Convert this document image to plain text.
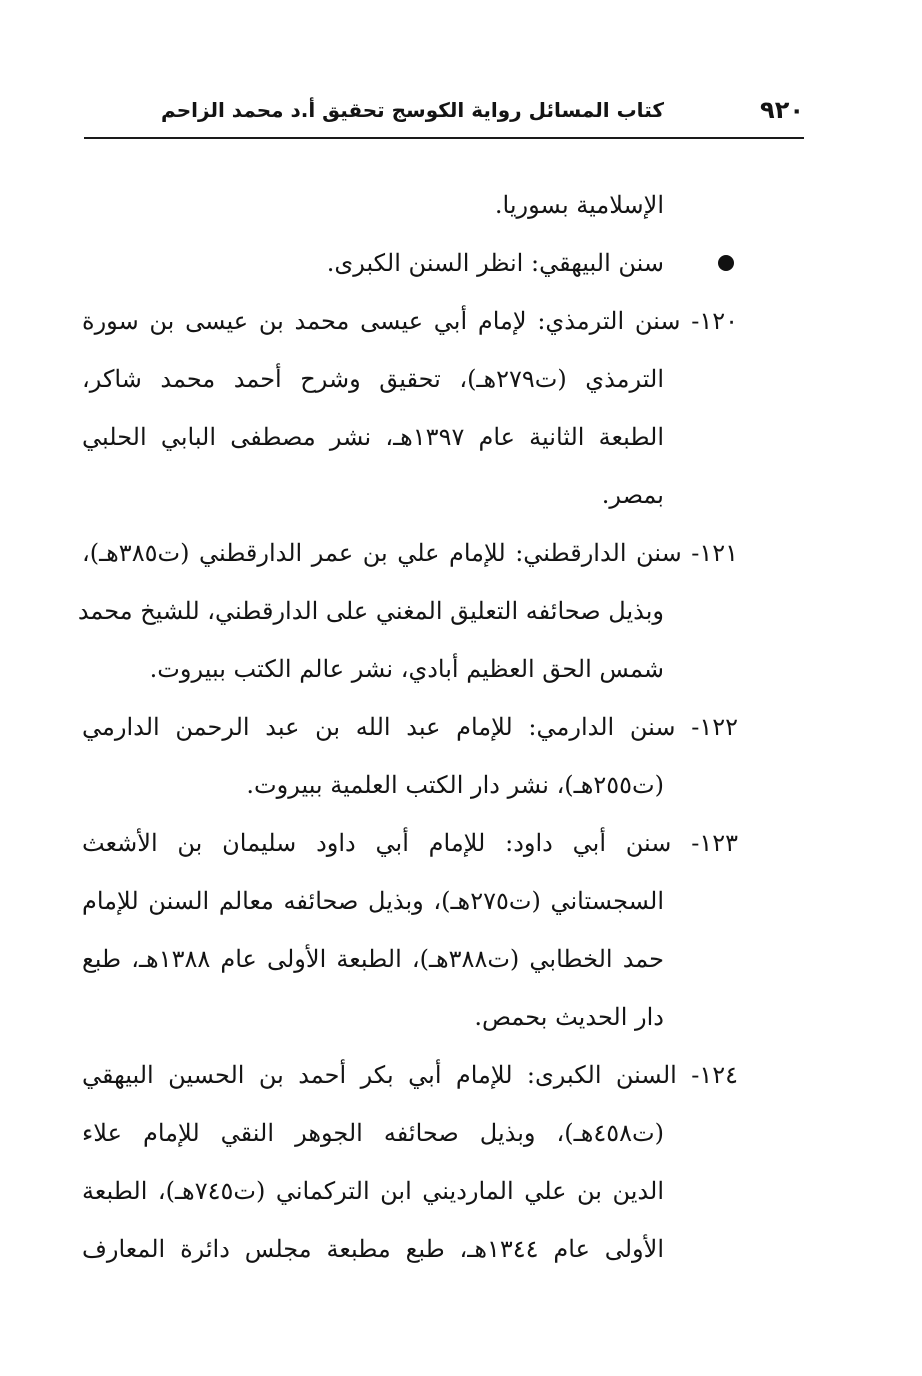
٩٢٠
كتاب المسائل رواية الكوسج تحقيق أ.د محمد الزاحم
الإسلامية بسوريا.
سنن البيهقي: انظر السنن الكبرى.
١٢٠- سنن الترمذي: لإمام أبي عيسى محمد بن عيسى بن سورة
الترمذي (ت٢٧٩هـ)، تحقيق وشرح أحمد محمد شاكر،
الطبعة الثانية عام ١٣٩٧هـ، نشر مصطفى البابي الحلبي
بمصر.
١٢١- سنن الدارقطني: للإمام علي بن عمر الدارقطني (ت٣٨٥هـ)،
وبذيل صحائفه التعليق المغني على الدارقطني، للشيخ محمد
شمس الحق العظيم أبادي، نشر عالم الكتب ببيروت.
١٢٢- سنن الدارمي: للإمام عبد الله بن عبد الرحمن الدارمي
(ت٢٥٥هـ)، نشر دار الكتب العلمية ببيروت.
١٢٣- سنن أبي داود: للإمام أبي داود سليمان بن الأشعث
السجستاني (ت٢٧٥هـ)، وبذيل صحائفه معالم السنن للإمام
حمد الخطابي (ت٣٨٨هـ)، الطبعة الأولى عام ١٣٨٨هـ، طبع
دار الحديث بحمص.
١٢٤- السنن الكبرى: للإمام أبي بكر أحمد بن الحسين البيهقي
(ت٤٥٨هـ)، وبذيل صحائفه الجوهر النقي للإمام علاء
الدين بن علي المارديني ابن التركماني (ت٧٤٥هـ)، الطبعة
الأولى عام ١٣٤٤هـ، طبع مطبعة مجلس دائرة المعارف
